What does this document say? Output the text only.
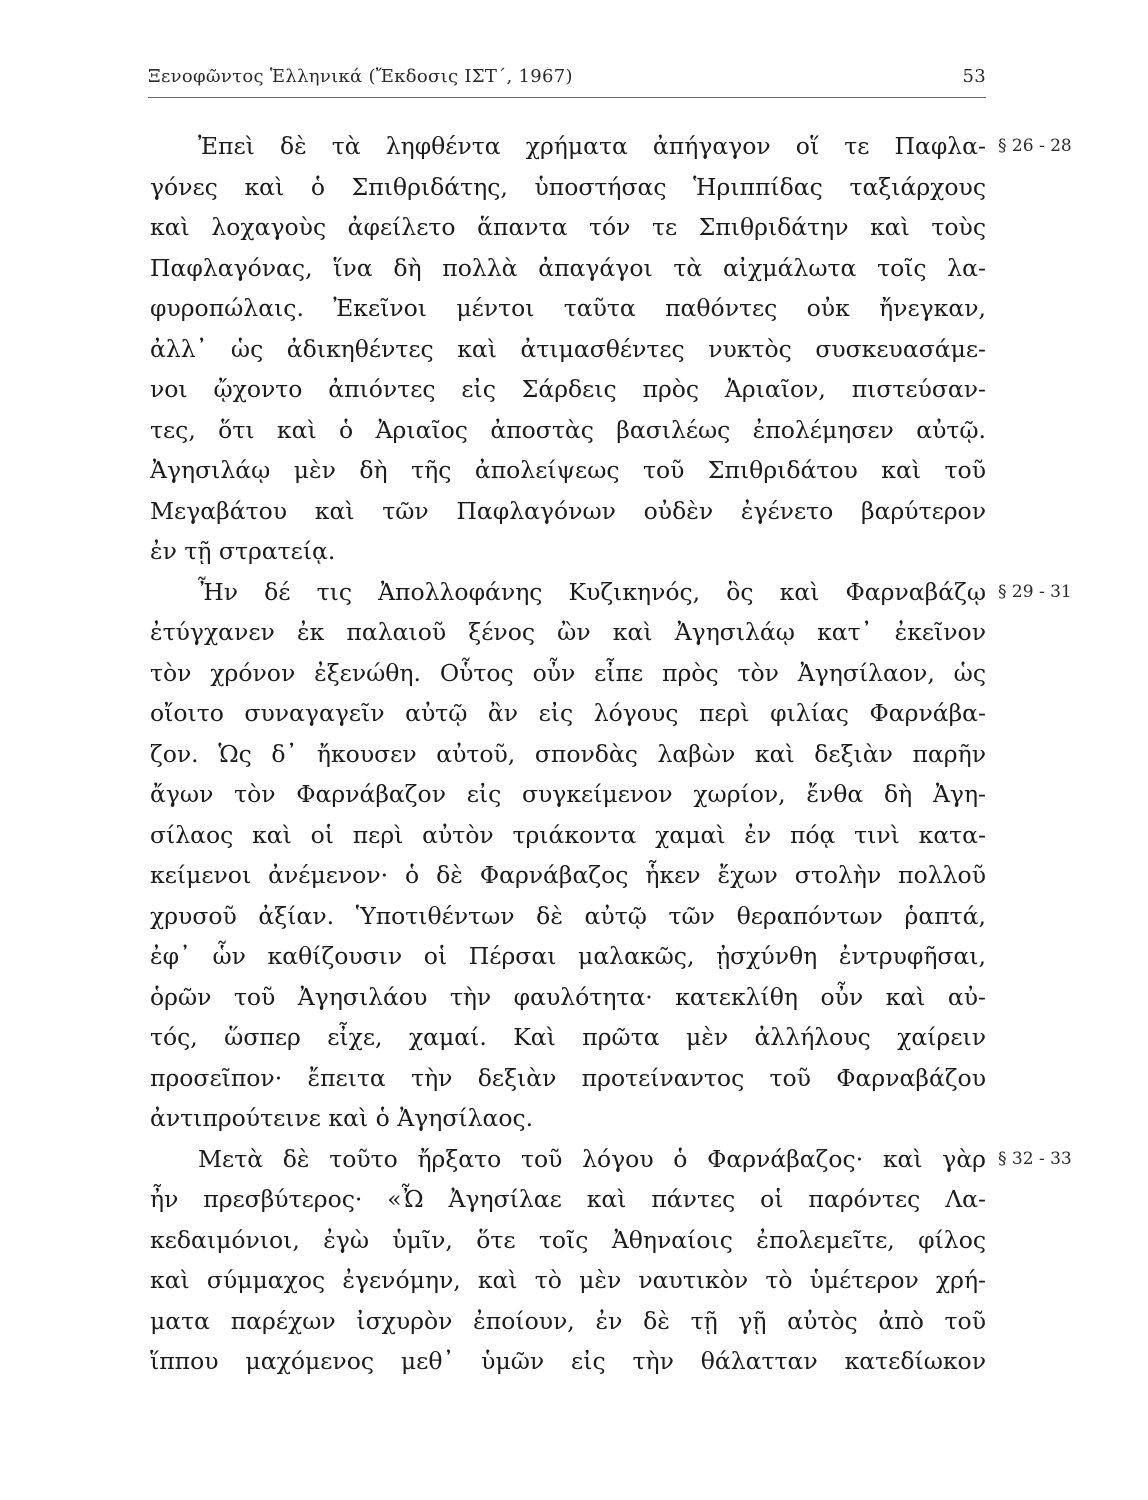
Ξενοφῶντος Ἑλληνικά (Ἔκδοσις ΙΣΤ΄, 1967)	53
Ἐπεὶ δὲ τὰ ληφθέντα χρήματα ἀπήγαγον οἵ τε Παφλα- § 26 - 28
γόνες καὶ ὁ Σπιθριδάτης, ὑποστήσας Ἡριππίδας ταξιάρχους
καὶ λοχαγοὺς ἀφείλετο ἅπαντα τόν τε Σπιθριδάτην καὶ τοὺς
Παφλαγόνας, ἵνα δὴ πολλὰ ἀπαγάγοι τὰ αἰχμάλωτα τοῖς λα-
φυροπώλαις. Ἐκεῖνοι μέντοι ταῦτα παθόντες οὐκ ἤνεγκαν,
ἀλλ᾽ ὡς ἀδικηθέντες καὶ ἀτιμασθέντες νυκτὸς συσκευασάμε-
νοι ᾤχοντο ἀπιόντες εἰς Σάρδεις πρὸς Ἀριαῖον, πιστεύσαν-
τες, ὅτι καὶ ὁ Ἀριαῖος ἀποστὰς βασιλέως ἐπολέμησεν αὐτῷ.
Ἀγησιλάῳ μὲν δὴ τῆς ἀπολείψεως τοῦ Σπιθριδάτου καὶ τοῦ
Μεγαβάτου καὶ τῶν Παφλαγόνων οὐδὲν ἐγένετο βαρύτερον
ἐν τῇ στρατείᾳ.
Ἦν δέ τις Ἀπολλοφάνης Κυζικηνός, ὃς καὶ Φαρναβάζῳ § 29 - 31
ἐτύγχανεν ἐκ παλαιοῦ ξένος ὢν καὶ Ἀγησιλάῳ κατ᾽ ἐκεῖνον
τὸν χρόνον ἐξενώθη. Οὗτος οὖν εἶπε πρὸς τὸν Ἀγησίλαον, ὡς
οἴοιτο συναγαγεῖν αὐτῷ ἂν εἰς λόγους περὶ φιλίας Φαρνάβα-
ζον. Ὡς δ᾽ ἤκουσεν αὐτοῦ, σπονδὰς λαβὼν καὶ δεξιὰν παρῆν
ἄγων τὸν Φαρνάβαζον εἰς συγκείμενον χωρίον, ἔνθα δὴ Ἀγη-
σίλαος καὶ οἱ περὶ αὐτὸν τριάκοντα χαμαὶ ἐν πόᾳ τινὶ κατα-
κείμενοι ἀνέμενον· ὁ δὲ Φαρνάβαζος ἧκεν ἔχων στολὴν πολλοῦ
χρυσοῦ ἀξίαν. Ὑποτιθέντων δὲ αὐτῷ τῶν θεραπόντων ῥαπτά,
ἐφ᾽ ὧν καθίζουσιν οἱ Πέρσαι μαλακῶς, ᾐσχύνθη ἐντρυφῆσαι,
ὁρῶν τοῦ Ἀγησιλάου τὴν φαυλότητα· κατεκλίθη οὖν καὶ αὐ-
τός, ὥσπερ εἶχε, χαμαί. Καὶ πρῶτα μὲν ἀλλήλους χαίρειν
προσεῖπον· ἔπειτα τὴν δεξιὰν προτείναντος τοῦ Φαρναβάζου
ἀντιπρούτεινε καὶ ὁ Ἀγησίλαος.
Μετὰ δὲ τοῦτο ἤρξατο τοῦ λόγου ὁ Φαρνάβαζος· καὶ γὰρ § 32 - 33
ἦν πρεσβύτερος· «Ὦ Ἀγησίλαε καὶ πάντες οἱ παρόντες Λα-
κεδαιμόνιοι, ἐγὼ ὑμῖν, ὅτε τοῖς Ἀθηναίοις ἐπολεμεῖτε, φίλος
καὶ σύμμαχος ἐγενόμην, καὶ τὸ μὲν ναυτικὸν τὸ ὑμέτερον χρή-
ματα παρέχων ἰσχυρὸν ἐποίουν, ἐν δὲ τῇ γῇ αὐτὸς ἀπὸ τοῦ
ἵππου μαχόμενος μεθ᾽ ὑμῶν εἰς τὴν θάλατταν κατεδίωκον
